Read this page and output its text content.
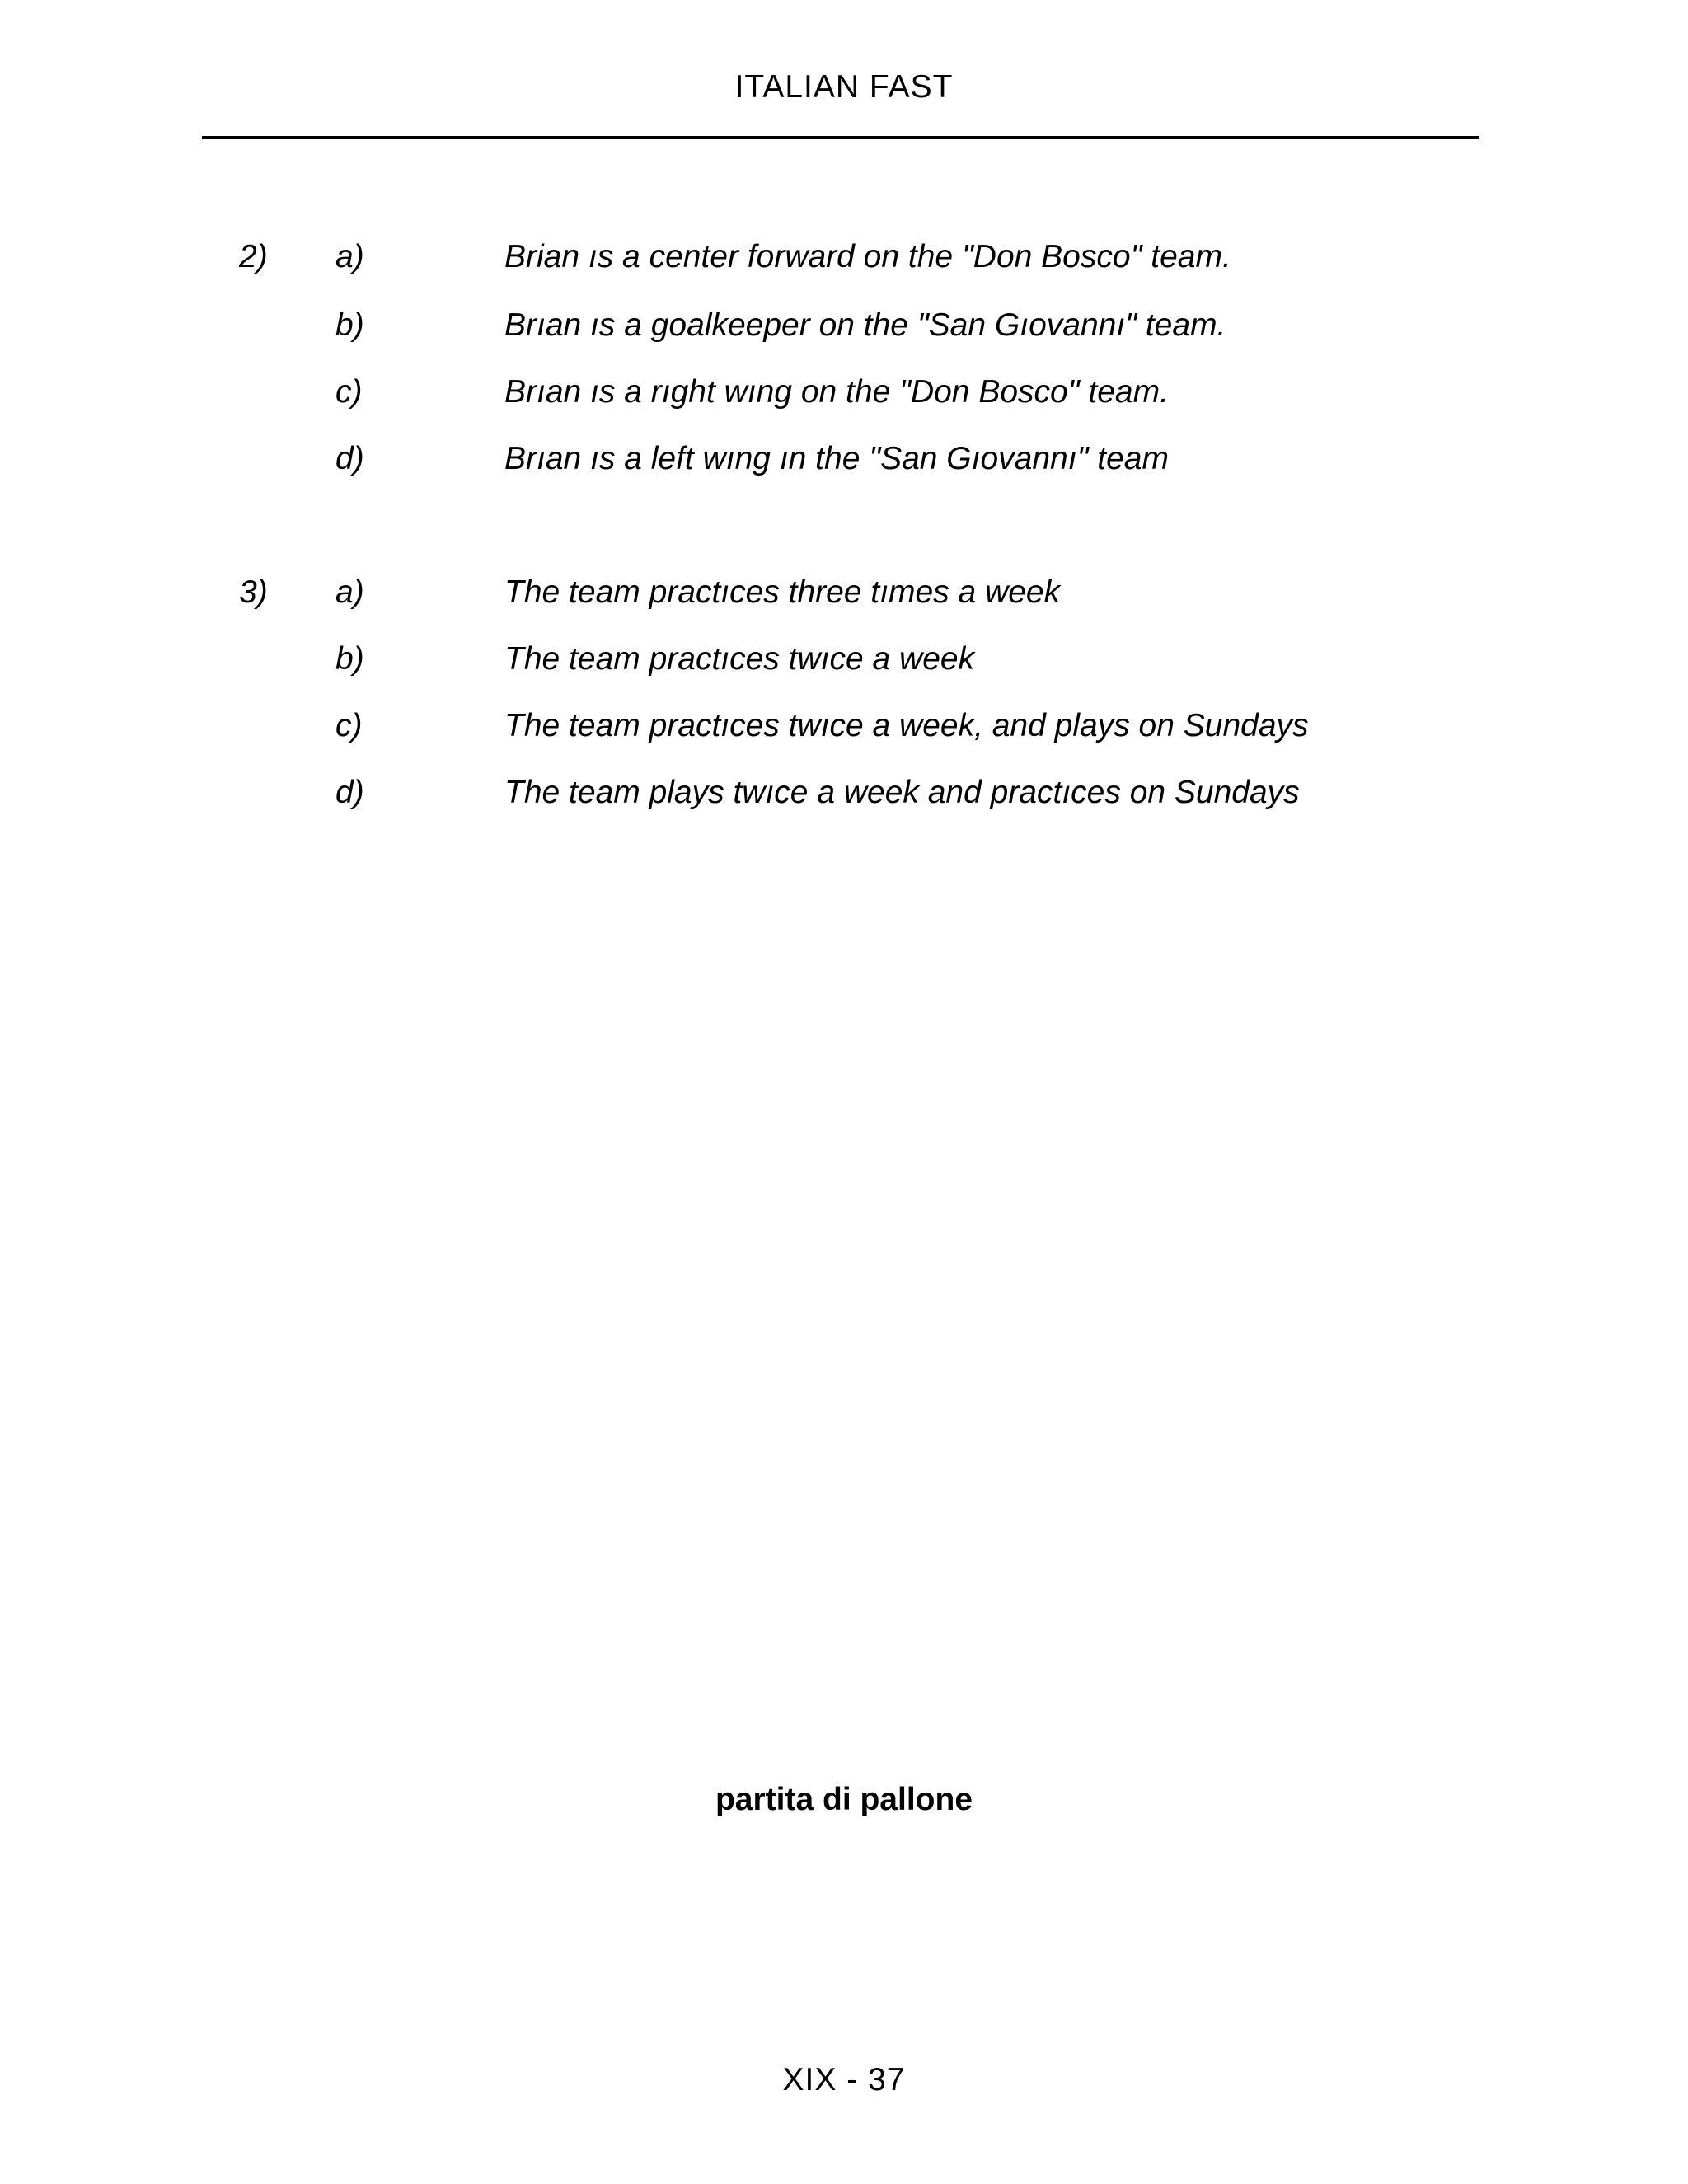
ITALIAN FAST
2) a)	Brian ıs a center forward on the "Don Bosco" team.
b)	Brıan ıs a goalkeeper on the "San Gıovannı" team.
c)	Brıan ıs a rıght wıng on the "Don Bosco" team.
d)	Brıan ıs a left wıng ın the "San Gıovannı" team
3) a)	The team practıces three tımes a week
b)	The team practıces twıce a week
c)	The team practıces twıce a week, and plays on Sundays
d)	The team plays twıce a week and practıces on Sundays
partita di pallone
XIX - 37
